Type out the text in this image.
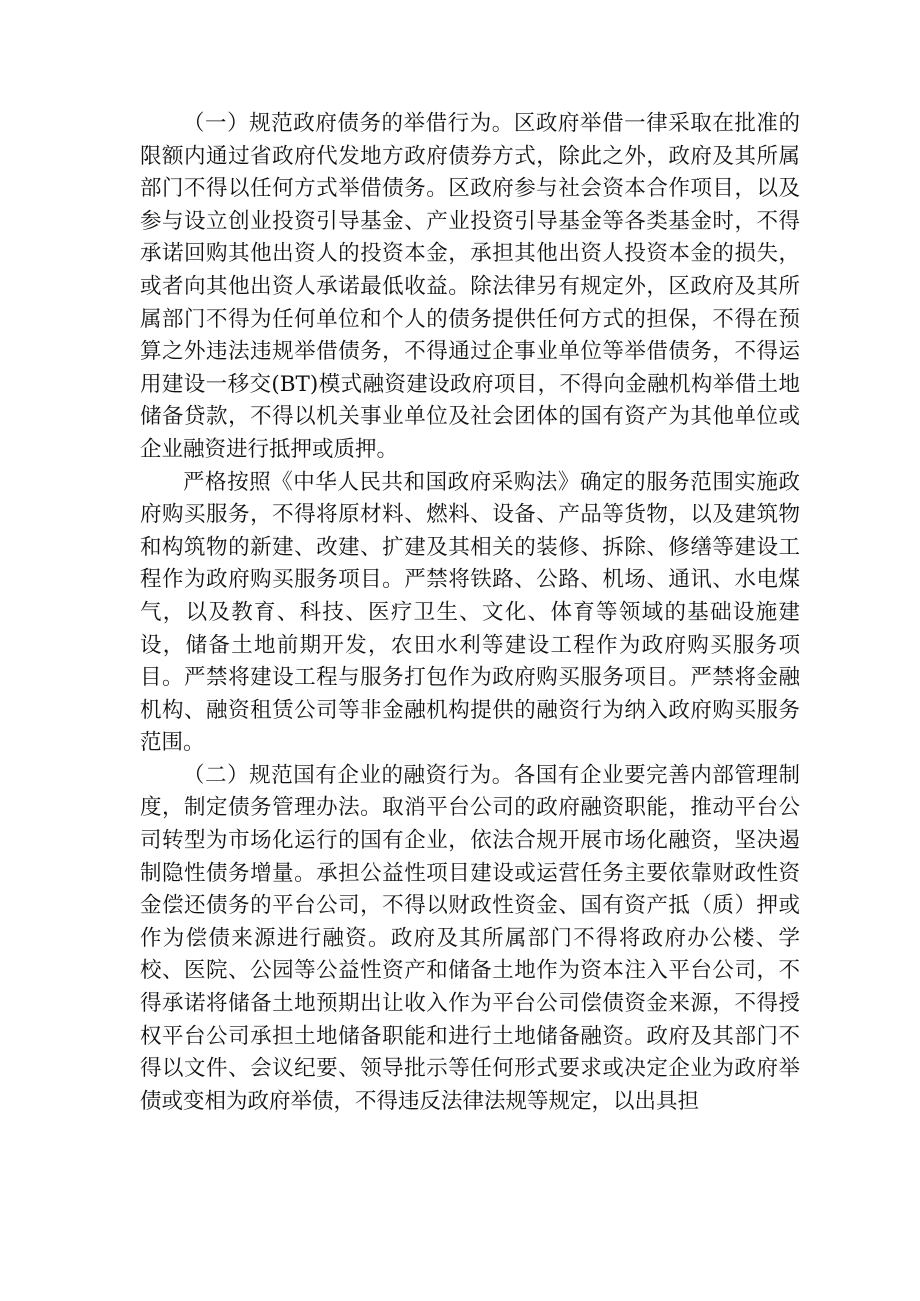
（一）规范政府债务的举借行为。区政府举借一律采取在批准的限额内通过省政府代发地方政府债券方式，除此之外，政府及其所属部门不得以任何方式举借债务。区政府参与社会资本合作项目，以及参与设立创业投资引导基金、产业投资引导基金等各类基金时，不得承诺回购其他出资人的投资本金，承担其他出资人投资本金的损失，或者向其他出资人承诺最低收益。除法律另有规定外，区政府及其所属部门不得为任何单位和个人的债务提供任何方式的担保，不得在预算之外违法违规举借债务，不得通过企事业单位等举借债务，不得运用建设一移交(BT)模式融资建设政府项目，不得向金融机构举借土地储备贷款，不得以机关事业单位及社会团体的国有资产为其他单位或企业融资进行抵押或质押。

严格按照《中华人民共和国政府采购法》确定的服务范围实施政府购买服务，不得将原材料、燃料、设备、产品等货物，以及建筑物和构筑物的新建、改建、扩建及其相关的装修、拆除、修缮等建设工程作为政府购买服务项目。严禁将铁路、公路、机场、通讯、水电煤气，以及教育、科技、医疗卫生、文化、体育等领域的基础设施建设，储备土地前期开发，农田水利等建设工程作为政府购买服务项目。严禁将建设工程与服务打包作为政府购买服务项目。严禁将金融机构、融资租赁公司等非金融机构提供的融资行为纳入政府购买服务范围。

（二）规范国有企业的融资行为。各国有企业要完善内部管理制度，制定债务管理办法。取消平台公司的政府融资职能，推动平台公司转型为市场化运行的国有企业，依法合规开展市场化融资，坚决遏制隐性债务增量。承担公益性项目建设或运营任务主要依靠财政性资金偿还债务的平台公司，不得以财政性资金、国有资产抵（质）押或作为偿债来源进行融资。政府及其所属部门不得将政府办公楼、学校、医院、公园等公益性资产和储备土地作为资本注入平台公司，不得承诺将储备土地预期出让收入作为平台公司偿债资金来源，不得授权平台公司承担土地储备职能和进行土地储备融资。政府及其部门不得以文件、会议纪要、领导批示等任何形式要求或决定企业为政府举债或变相为政府举债，不得违反法律法规等规定，以出具担
